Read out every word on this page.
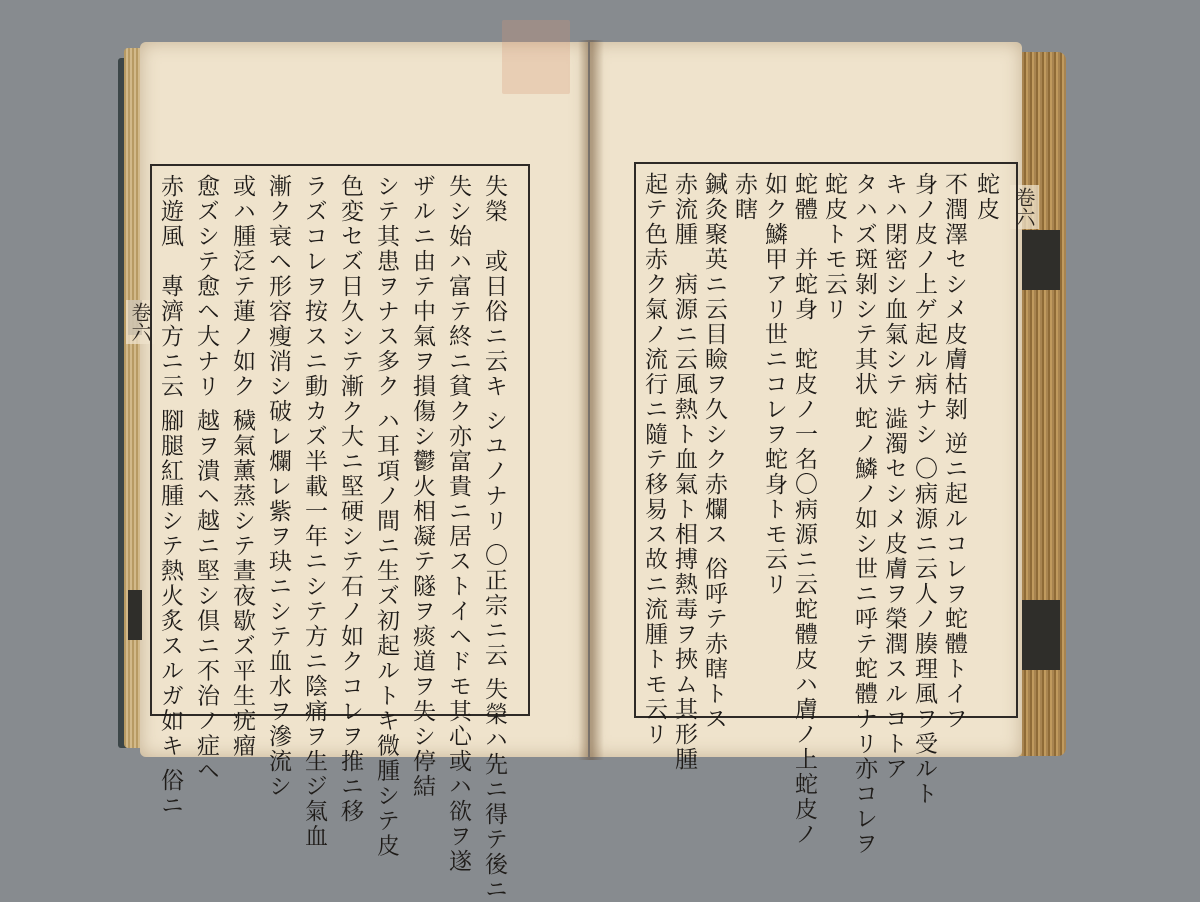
卷六
卷六
赤遊風　專濟方ニ云 腳腿紅腫シテ熱火炙スルガ如キ 俗ニ 愈ズシテ愈ヘ大ナリ 越ヲ潰ヘ越ニ堅シ倶ニ不治ノ症ヘ 或ハ腫泛テ蓮ノ如ク 穢氣薰蒸シテ晝夜歇ズ平生疣瘤 漸ク衰ヘ形容瘦消シ破レ爛レ紫ヲ玦ニシテ血水ヲ滲流シ ラズコレヲ按スニ動カズ半載一年ニシテ方ニ陰痛ヲ生ジ氣血 色変セズ日久シテ漸ク大ニ堅硬シテ石ノ如クコレヲ推ニ移 シテ其患ヲナス多ク ハ耳項ノ間ニ生ズ初起ルトキ微腫シテ皮 ザルニ由テ中氣ヲ損傷シ鬱火相凝テ隧ヲ痰道ヲ失シ停結 失シ始ハ富テ終ニ貧ク亦富貴ニ居ストイヘドモ其心或ハ欲ヲ遂 失榮　或日俗ニ云キ シユノナリ 〇正宗ニ云 失榮ハ先ニ得テ後ニ	起テ色赤ク氣ノ流行ニ隨テ移易ス故ニ流腫トモ云リ 赤流腫　病源ニ云風熱ト血氣ト相搏熱毒ヲ挾ム其形腫 鍼灸聚英ニ云目瞼ヲ久シク赤爛ス 俗呼テ赤瞎トス 赤瞎 如ク鱗甲アリ世ニコレヲ蛇身トモ云リ 蛇體　并蛇身　蛇皮ノ一名〇病源ニ云蛇體皮ハ膚ノ上蛇皮ノ 蛇皮トモ云リ タハズ斑剝シテ其状 蛇ノ鱗ノ如シ世ニ呼テ蛇體ナリ亦コレヲ キハ閉密シ血氣シテ 澁濁セシメ皮膚ヲ榮潤スルコトア 身ノ皮ノ上ゲ起ル病ナシ 〇病源ニ云人ノ腠理風ヲ受ルト 不潤澤セシメ皮膚枯剝 逆ニ起ルコレヲ蛇體トイフ 蛇皮
